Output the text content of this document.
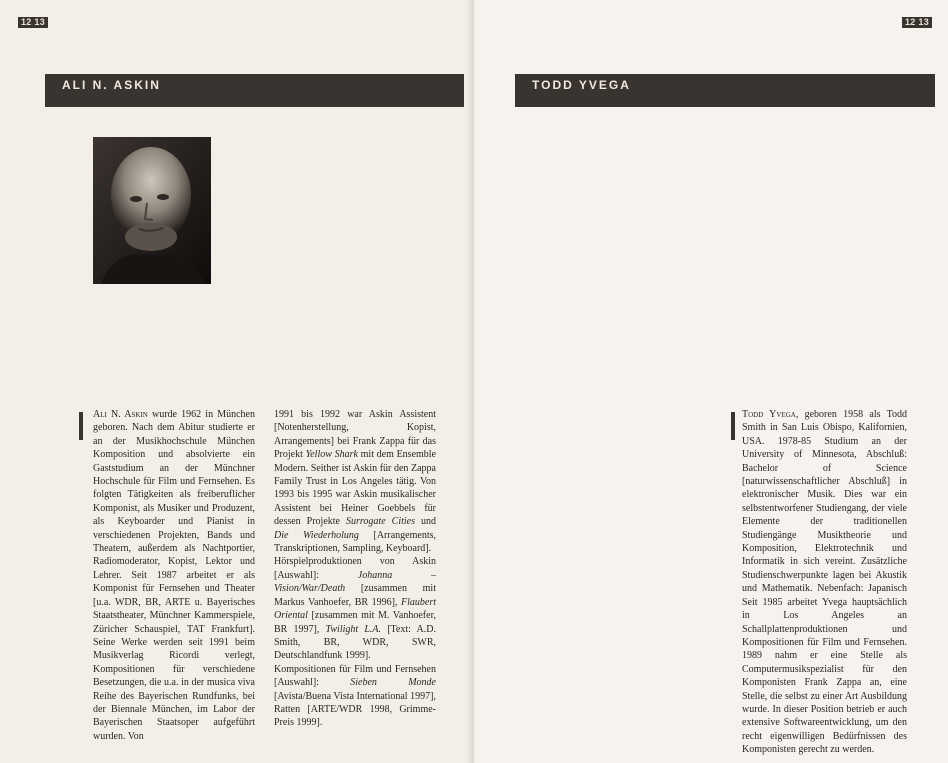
12 13
ALI N. ASKIN

Ali N. Askin wurde 1962 in München geboren. Nach dem Abitur studierte er an der Musikhochschule München Komposition und absolvierte ein Gaststudium an der Münchner Hochschule für Film und Fernsehen. Es folgten Tätigkeiten als freiberuflicher Komponist, als Musiker und Produzent, als Keyboarder und Pianist in verschiedenen Projekten, Bands und Theatern, außerdem als Nachtportier, Radiomoderator, Kopist, Lektor und Lehrer. Seit 1987 arbeitet er als Komponist für Fernsehen und Theater [u.a. WDR, BR, ARTE u. Bayerisches Staatstheater, Münchner Kammerspiele, Züricher Schauspiel, TAT Frankfurt]. Seine Werke werden seit 1991 beim Musikverlag Ricordi verlegt, Kompositionen für verschiedene Besetzungen, die u.a. in der musica viva Reihe des Bayerischen Rundfunks, bei der Biennale München, im Labor der Bayerischen Staatsoper aufgeführt wurden. Von

1991 bis 1992 war Askin Assistent [Notenherstellung, Kopist, Arrangements] bei Frank Zappa für das Projekt Yellow Shark mit dem Ensemble Modern. Seither ist Askin für den Zappa Family Trust in Los Angeles tätig. Von 1993 bis 1995 war Askin musikalischer Assistent bei Heiner Goebbels für dessen Projekte Surrogate Cities und Die Wiederholung [Arrangements, Transkriptionen, Sampling, Keyboard].

Hörspielproduktionen von Askin [Auswahl]: Johanna – Vision/War/Death [zusammen mit Markus Vanhoefer, BR 1996], Flaubert Oriental [zusammen mit M. Vanhoefer, BR 1997], Twilight L.A. [Text: A.D. Smith, BR, WDR, SWR, Deutschlandfunk 1999].

Kompositionen für Film und Fernsehen [Auswahl]: Sieben Monde [Avista/Buena Vista International 1997], Ratten [ARTE/WDR 1998, Grimme-Preis 1999].

12 13
TODD YVEGA

Todd Yvega, geboren 1958 als Todd Smith in San Luis Obispo, Kalifornien, USA. 1978-85 Studium an der University of Minnesota, Abschluß: Bachelor of Science [naturwissenschaftlicher Abschluß] in elektronischer Musik. Dies war ein selbstentworfener Studiengang, der viele Elemente der traditionellen Studiengänge Musiktheorie und Komposition, Elektrotechnik und Informatik in sich vereint. Zusätzliche Studienschwerpunkte lagen bei Akustik und Mathematik. Nebenfach: Japanisch Seit 1985 arbeitet Yvega hauptsächlich in Los Angeles an Schallplattenproduktionen und Kompositionen für Film und Fernsehen. 1989 nahm er eine Stelle als Computermusikspezialist für den Komponisten Frank Zappa an, eine Stelle, die selbst zu einer Art Ausbildung wurde. In dieser Position betrieb er auch extensive Softwareentwicklung, um den recht eigenwilligen Bedürfnissen des Komponisten gerecht zu werden.
